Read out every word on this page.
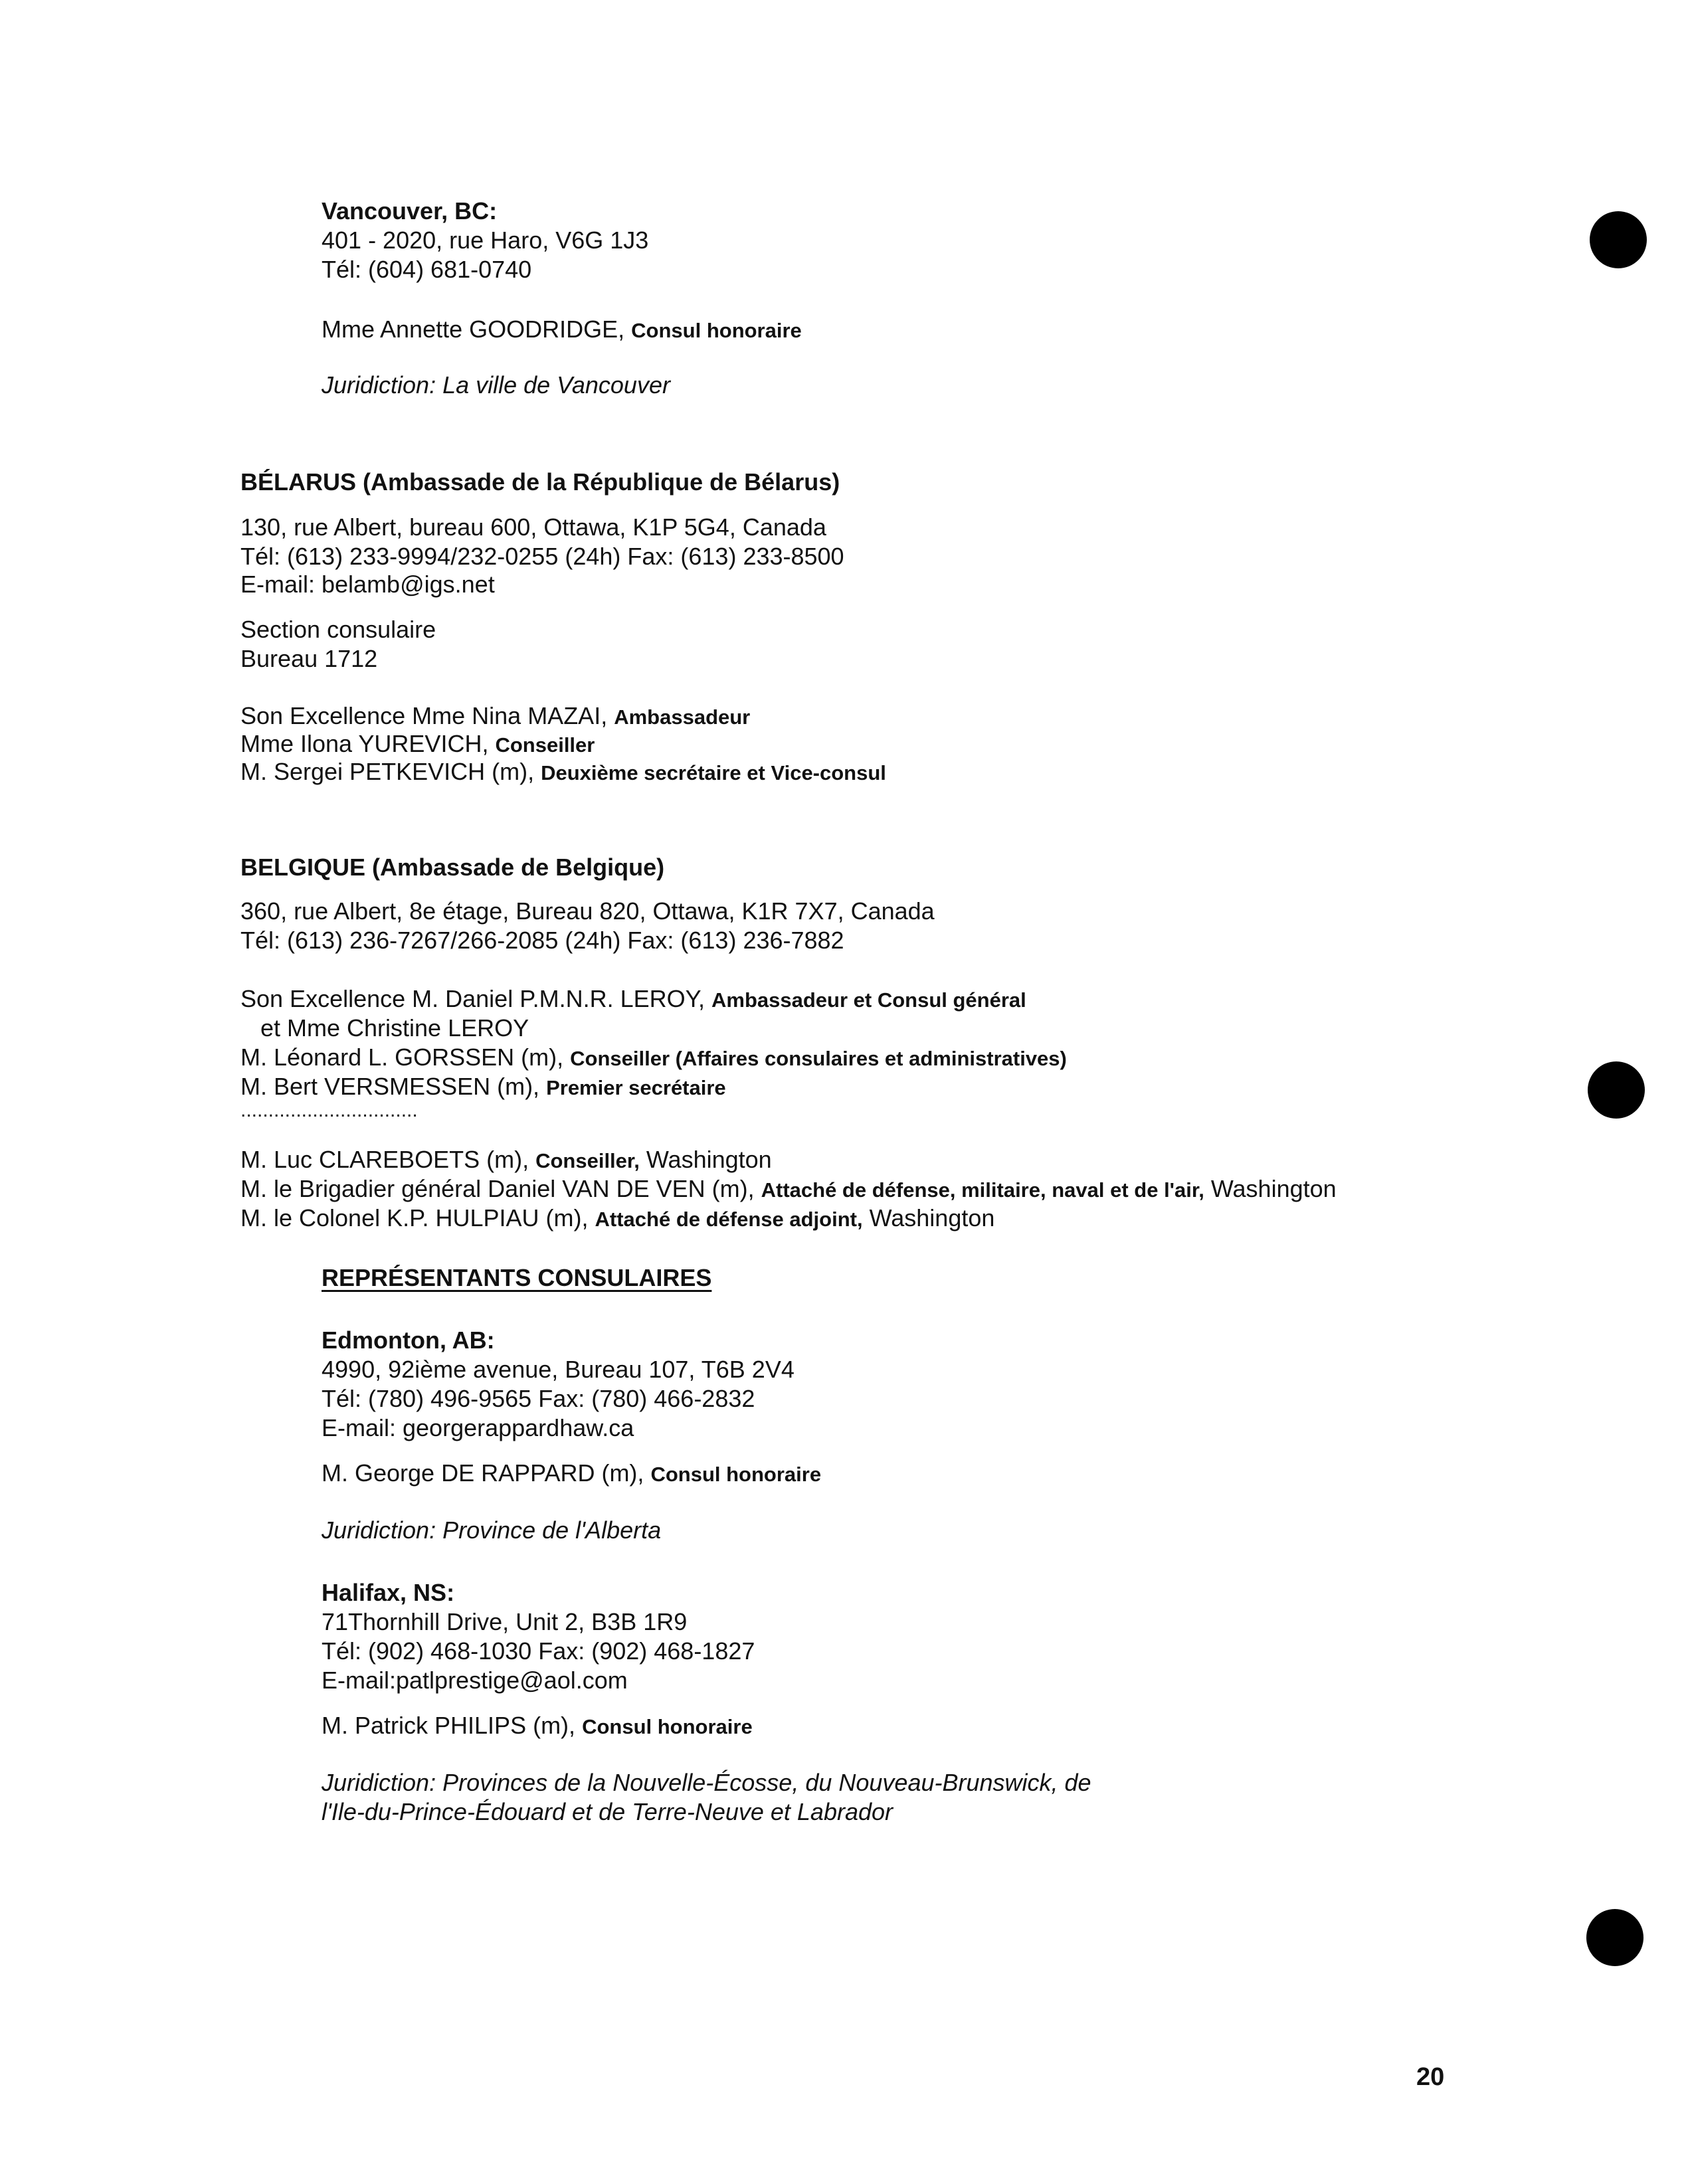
Vancouver, BC:
401 - 2020, rue Haro, V6G 1J3
Tél: (604) 681-0740
Mme Annette GOODRIDGE, Consul honoraire
Juridiction: La ville de Vancouver
BÉLARUS (Ambassade de la République de Bélarus)
130, rue Albert, bureau 600, Ottawa, K1P 5G4, Canada
Tél: (613) 233-9994/232-0255 (24h) Fax: (613) 233-8500
E-mail: belamb@igs.net
Section consulaire
Bureau 1712
Son Excellence Mme Nina MAZAI, Ambassadeur
Mme Ilona YUREVICH, Conseiller
M. Sergei PETKEVICH (m), Deuxième secrétaire et Vice-consul
BELGIQUE (Ambassade de Belgique)
360, rue Albert, 8e étage, Bureau 820, Ottawa, K1R 7X7, Canada
Tél: (613) 236-7267/266-2085 (24h) Fax: (613) 236-7882
Son Excellence M. Daniel P.M.N.R. LEROY, Ambassadeur et Consul général
et Mme Christine LEROY
M. Léonard L. GORSSEN (m), Conseiller (Affaires consulaires et administratives)
M. Bert VERSMESSEN (m), Premier secrétaire
................................
M. Luc CLAREBOETS (m), Conseiller, Washington
M. le Brigadier général Daniel VAN DE VEN (m), Attaché de défense, militaire, naval et de l'air, Washington
M. le Colonel K.P. HULPIAU (m), Attaché de défense adjoint, Washington
REPRÉSENTANTS CONSULAIRES
Edmonton, AB:
4990, 92ième avenue, Bureau 107, T6B 2V4
Tél: (780) 496-9565 Fax: (780) 466-2832
E-mail: georgerappardhaw.ca
M. George DE RAPPARD (m), Consul honoraire
Juridiction: Province de l'Alberta
Halifax, NS:
71Thornhill Drive, Unit 2, B3B 1R9
Tél: (902) 468-1030 Fax: (902) 468-1827
E-mail:patlprestige@aol.com
M. Patrick PHILIPS (m), Consul honoraire
Juridiction: Provinces de la Nouvelle-Écosse, du Nouveau-Brunswick, de
l'Ile-du-Prince-Édouard et de Terre-Neuve et Labrador
20
